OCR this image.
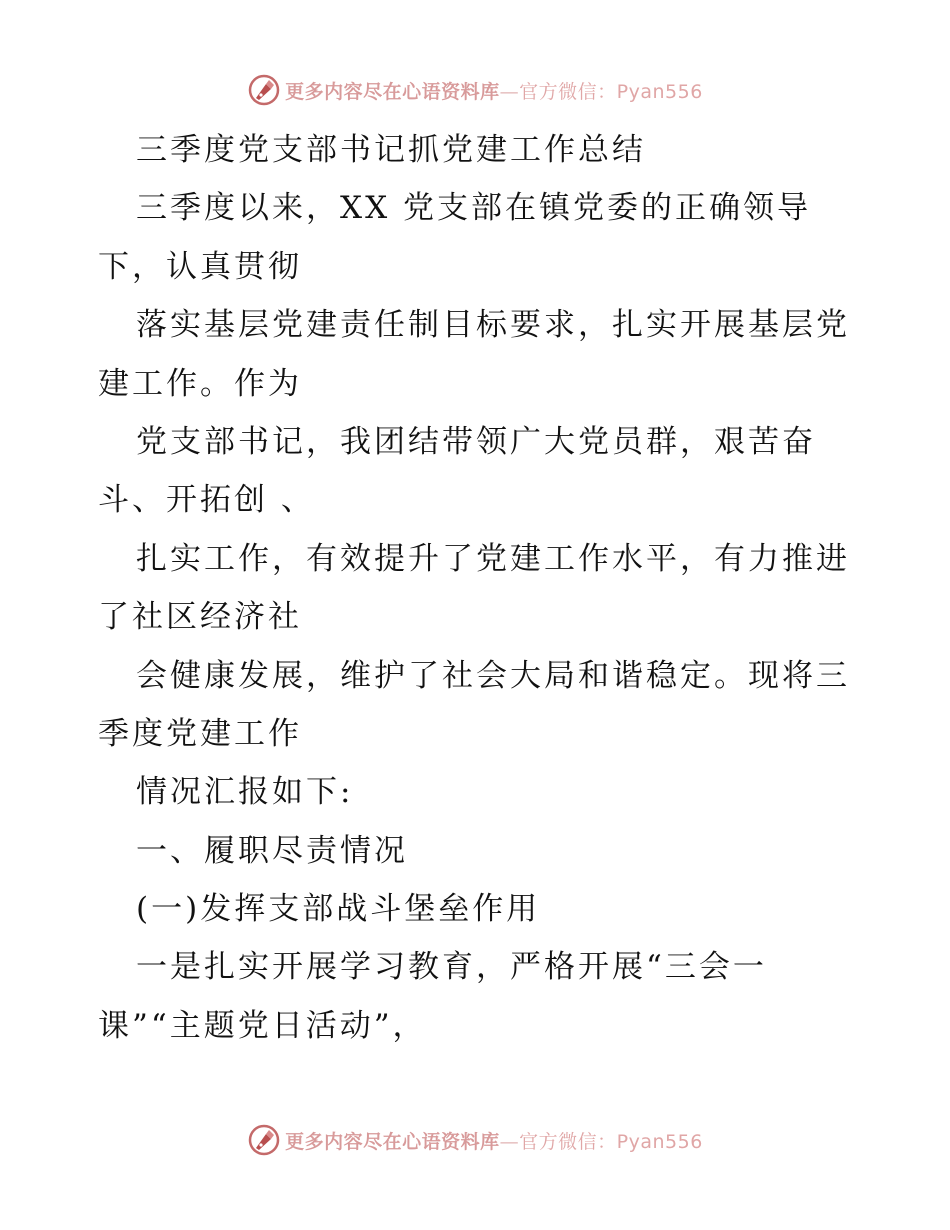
更多内容尽在心语资料库—官方微信：Pyan556
三季度党支部书记抓党建工作总结
三季度以来，XX 党支部在镇党委的正确领导
下，认真贯彻
落实基层党建责任制目标要求，扎实开展基层党
建工作。作为
党支部书记，我团结带领广大党员群，艰苦奋
斗、开拓创 、
扎实工作，有效提升了党建工作水平，有力推进
了社区经济社
会健康发展，维护了社会大局和谐稳定。现将三
季度党建工作
情况汇报如下:
一、履职尽责情况
(一)发挥支部战斗堡垒作用
一是扎实开展学习教育，严格开展“三会一
课”“主题党日活动”，
更多内容尽在心语资料库—官方微信：Pyan556
